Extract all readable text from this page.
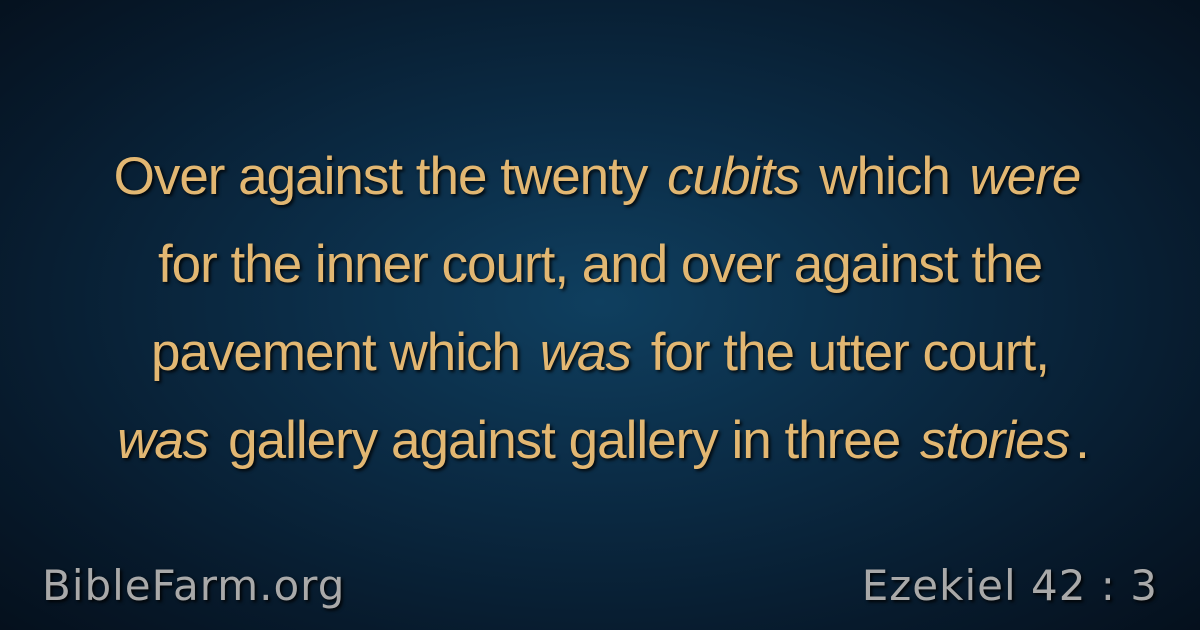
Over against the twenty cubits which were
for the inner court, and over against the
pavement which was for the utter court,
was gallery against gallery in three stories .
BibleFarm.org	Ezekiel 42 : 3
